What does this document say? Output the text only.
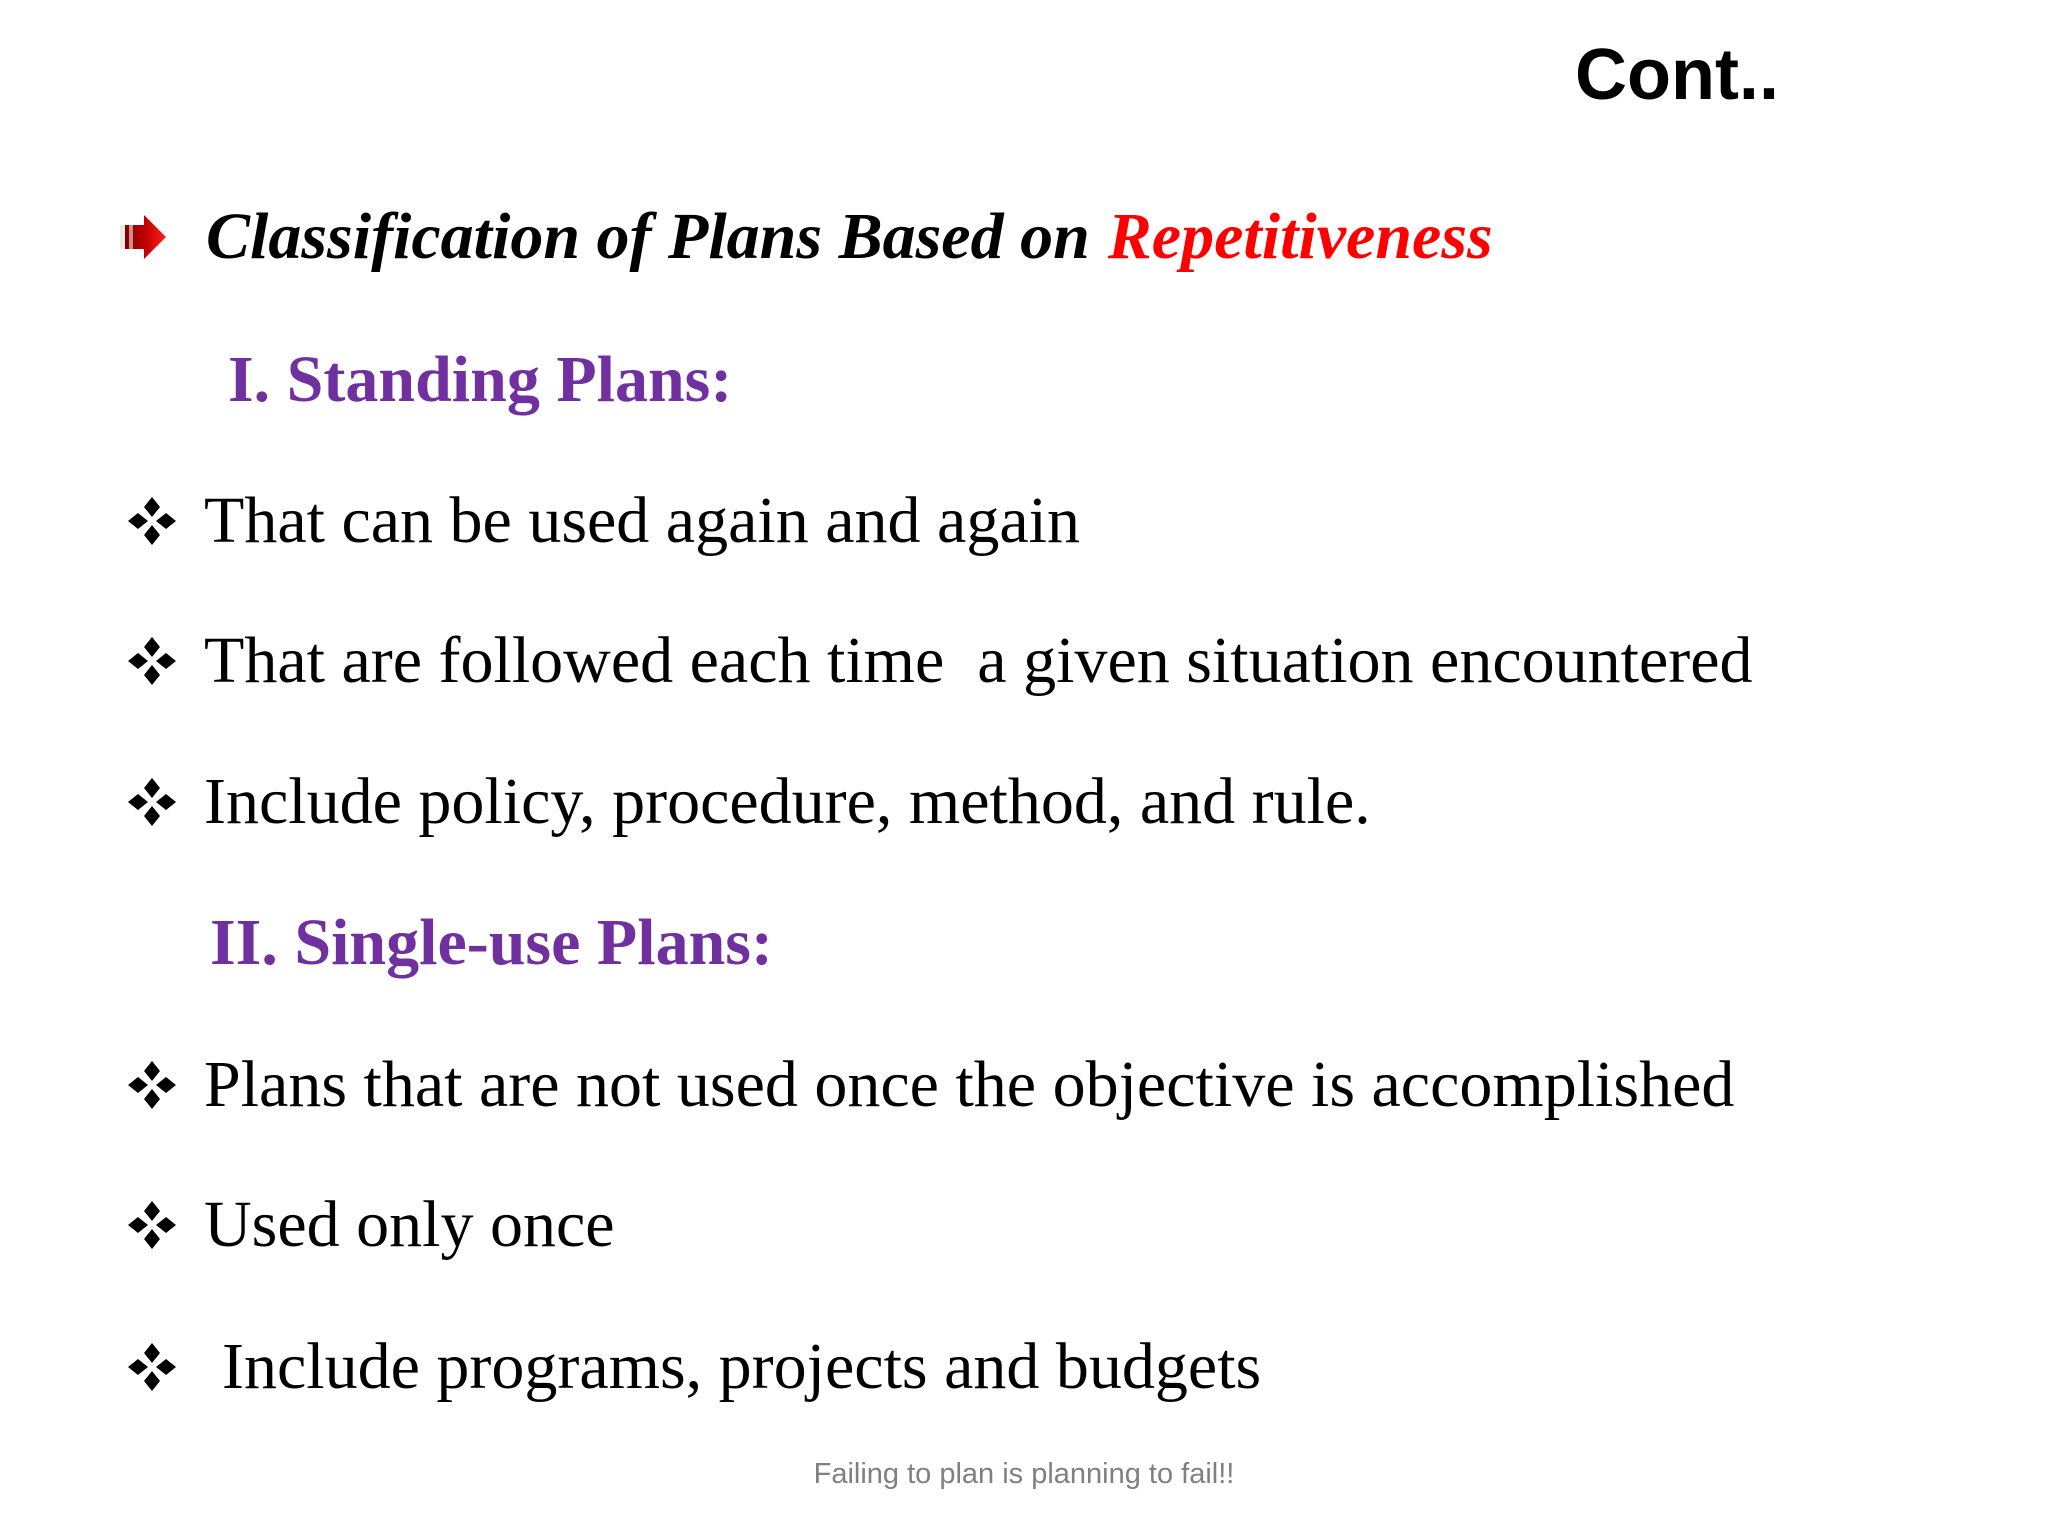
Cont..
Classification of Plans Based on Repetitiveness
I. Standing Plans:
That can be used again and again
That are followed each time  a given situation encountered
Include policy, procedure, method, and rule.
II. Single-use Plans:
Plans that are not used once the objective is accomplished
Used only once
Include programs, projects and budgets
Failing to plan is planning to fail!!
